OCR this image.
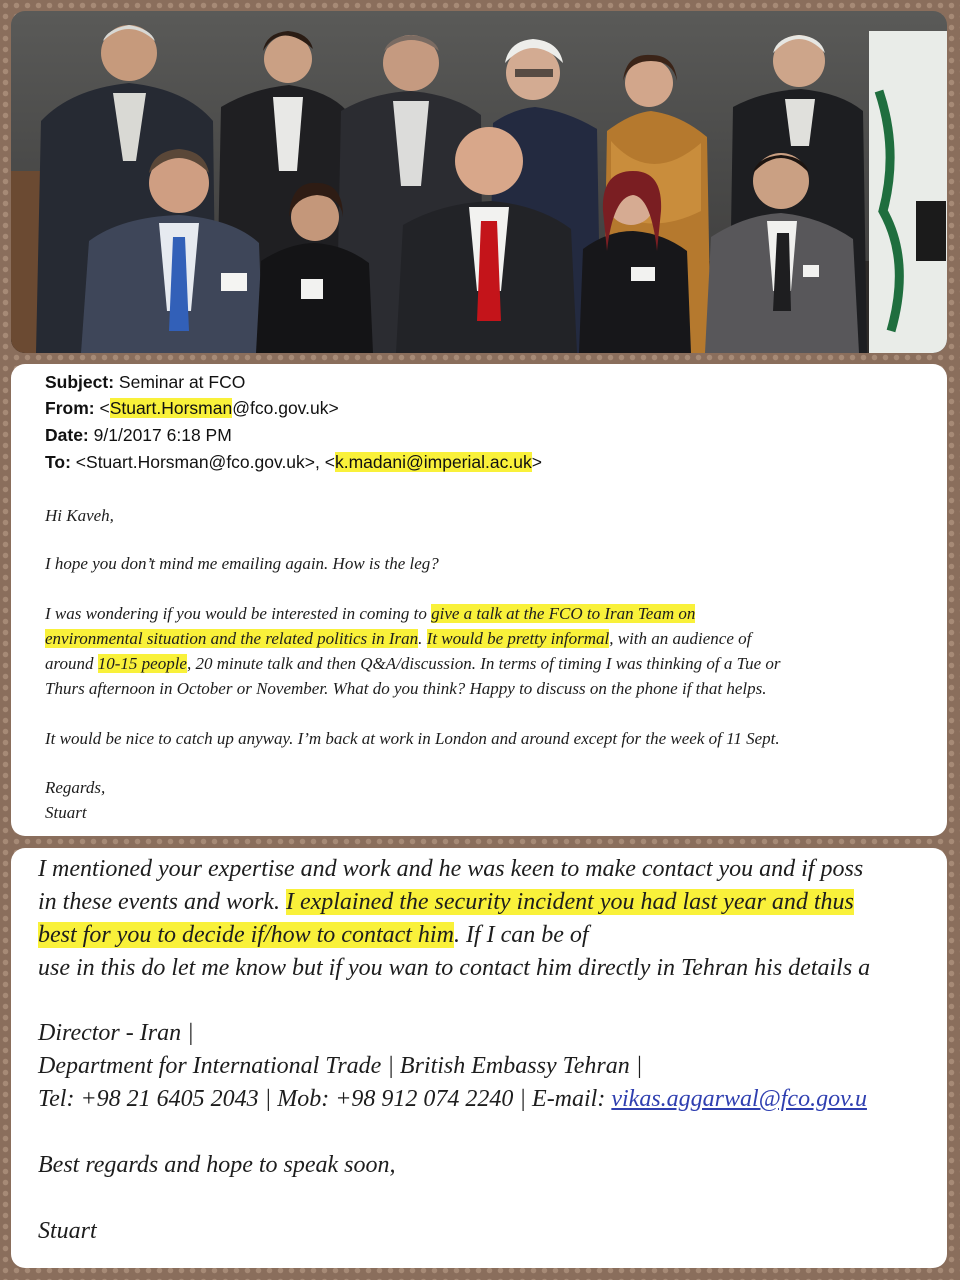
Subject: Seminar at FCO
From: <Stuart.Horsman@fco.gov.uk>
Date: 9/1/2017 6:18 PM
To: <Stuart.Horsman@fco.gov.uk>, <k.madani@imperial.ac.uk>
Hi Kaveh,
I hope you don’t mind me emailing again. How is the leg?
I was wondering if you would be interested in coming to give a talk at the FCO to Iran Team on
environmental situation and the related politics in Iran. It would be pretty informal, with an audience of
around 10-15 people, 20 minute talk and then Q&A/discussion. In terms of timing I was thinking of a Tue or
Thurs afternoon in October or November. What do you think? Happy to discuss on the phone if that helps.
It would be nice to catch up anyway. I’m back at work in London and around except for the week of 11 Sept.
Regards,
Stuart
I mentioned your expertise and work and he was keen to make contact you and if poss
in these events and work. I explained the security incident you had last year and thus
best for you to decide if/how to contact him. If I can be of
use in this do let me know but if you wan to contact him directly in Tehran his details a
Director - Iran |
Department for International Trade | British Embassy Tehran |
Tel: +98 21 6405 2043 | Mob: +98 912 074 2240 | E-mail: vikas.aggarwal@fco.gov.u
Best regards and hope to speak soon,
Stuart
